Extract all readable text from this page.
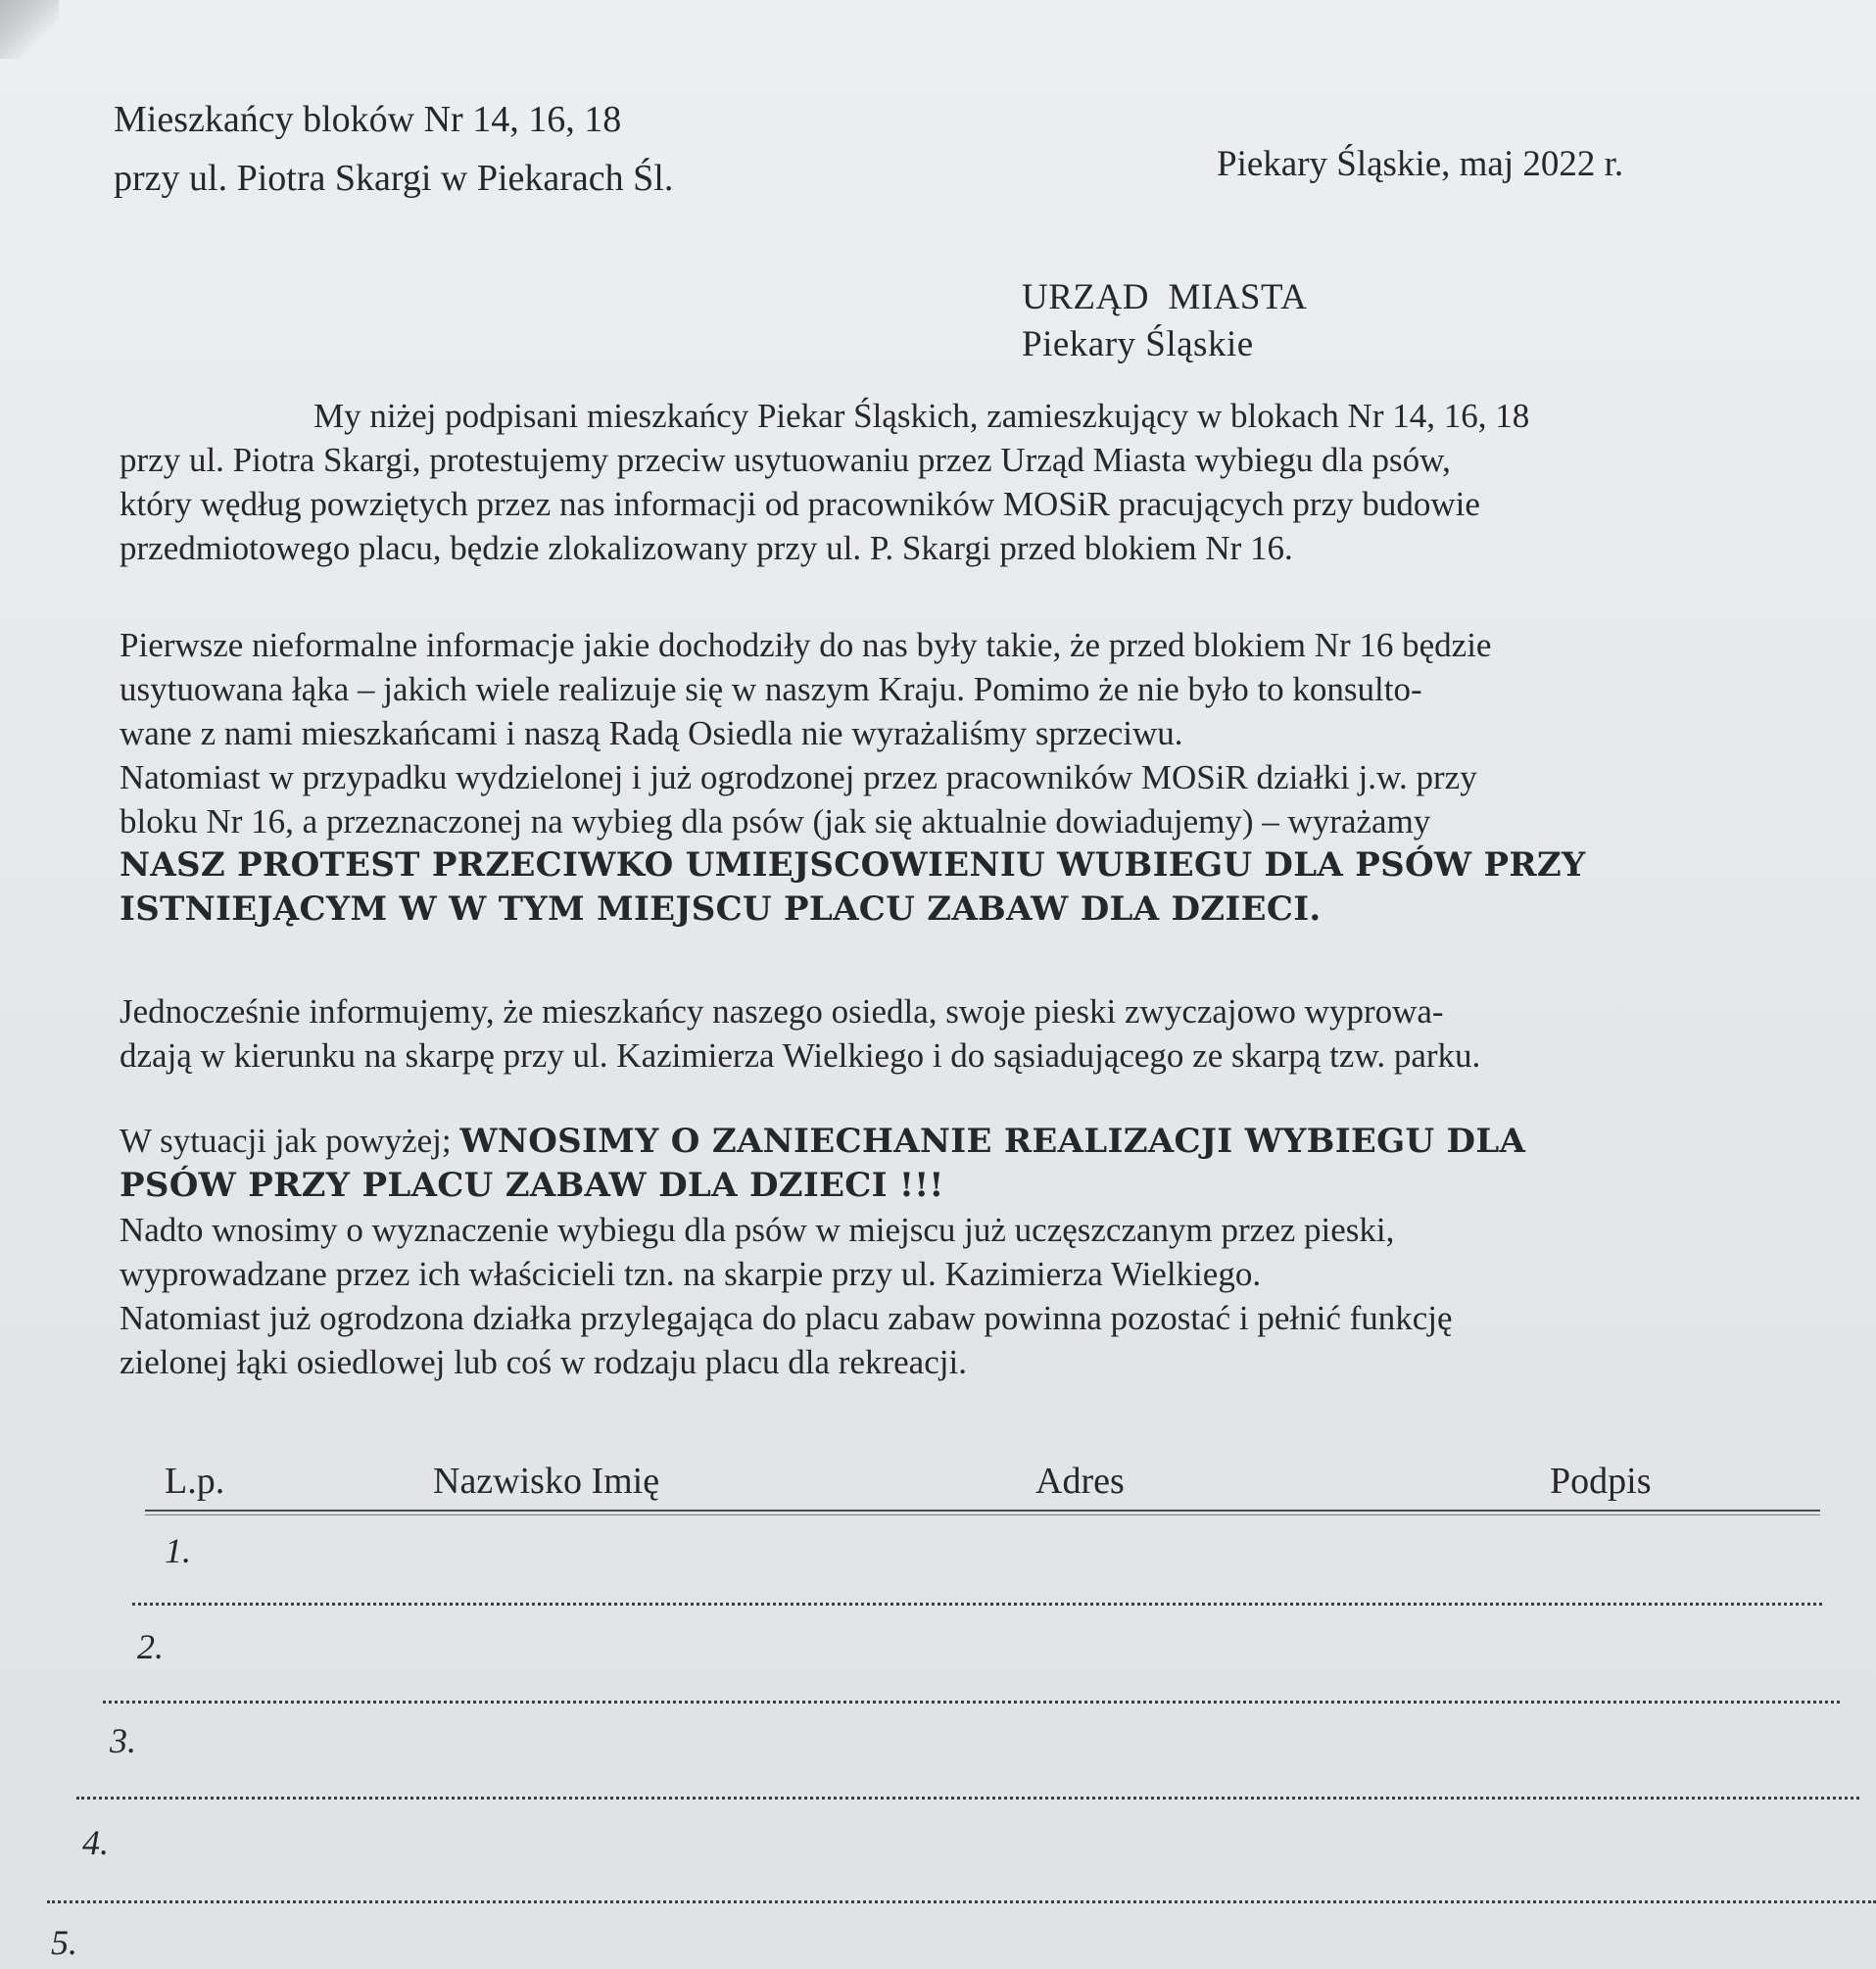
Mieszkańcy bloków Nr 14, 16, 18
przy ul. Piotra Skargi w Piekarach Śl.	Piekary Śląskie, maj 2022 r.
URZĄD  MIASTA
Piekary Śląskie

My niżej podpisani mieszkańcy Piekar Śląskich, zamieszkujący w blokach Nr 14, 16, 18
przy ul. Piotra Skargi, protestujemy przeciw usytuowaniu przez Urząd Miasta wybiegu dla psów,
który wędług powziętych przez nas informacji od pracowników MOSiR pracujących przy budowie
przedmiotowego placu, będzie zlokalizowany przy ul. P. Skargi przed blokiem Nr 16.

Pierwsze nieformalne informacje jakie dochodziły do nas były takie, że przed blokiem Nr 16 będzie
usytuowana łąka – jakich wiele realizuje się w naszym Kraju. Pomimo że nie było to konsulto-
wane z nami mieszkańcami i naszą Radą Osiedla nie wyrażaliśmy sprzeciwu.
Natomiast w przypadku wydzielonej i już ogrodzonej przez pracowników MOSiR działki j.w. przy
bloku Nr 16, a przeznaczonej na wybieg dla psów (jak się aktualnie dowiadujemy) – wyrażamy
NASZ PROTEST PRZECIWKO UMIEJSCOWIENIU WUBIEGU DLA PSÓW PRZY
ISTNIEJĄCYM W W TYM MIEJSCU PLACU ZABAW DLA DZIECI.

Jednocześnie informujemy, że mieszkańcy naszego osiedla, swoje pieski zwyczajowo wyprowa-
dzają w kierunku na skarpę przy ul. Kazimierza Wielkiego i do sąsiadującego ze skarpą tzw. parku.

W sytuacji jak powyżej; WNOSIMY O ZANIECHANIE REALIZACJI WYBIEGU DLA
PSÓW PRZY PLACU ZABAW DLA DZIECI !!!
Nadto wnosimy o wyznaczenie wybiegu dla psów w miejscu już uczęszczanym przez pieski,
wyprowadzane przez ich właścicieli tzn. na skarpie przy ul. Kazimierza Wielkiego.
Natomiast już ogrodzona działka przylegająca do placu zabaw powinna pozostać i pełnić funkcję
zielonej łąki osiedlowej lub coś w rodzaju placu dla rekreacji.

L.p.	Nazwisko Imię	Adres	Podpis
1.
2.
3.
4.
5.
